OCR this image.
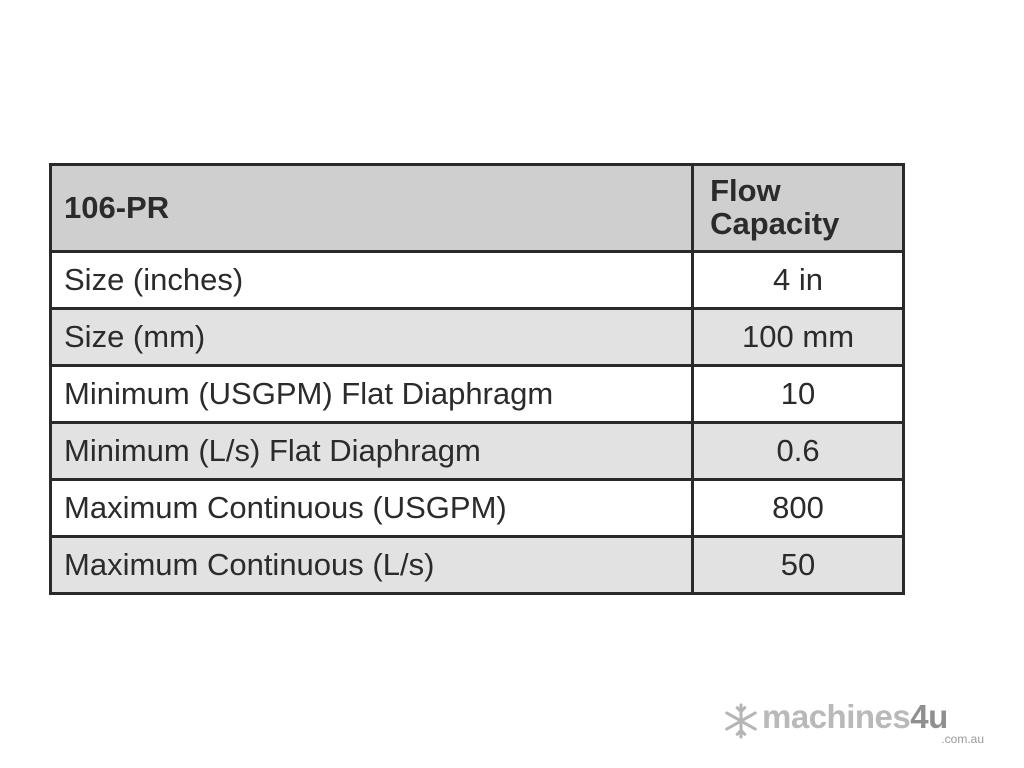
106-PR	Flow
Capacity
Size (inches)	4 in
Size (mm)	100 mm
Minimum (USGPM) Flat Diaphragm	10
Minimum (L/s) Flat Diaphragm	0.6
Maximum Continuous (USGPM)	800
Maximum Continuous (L/s)	50
machines4u
.com.au
